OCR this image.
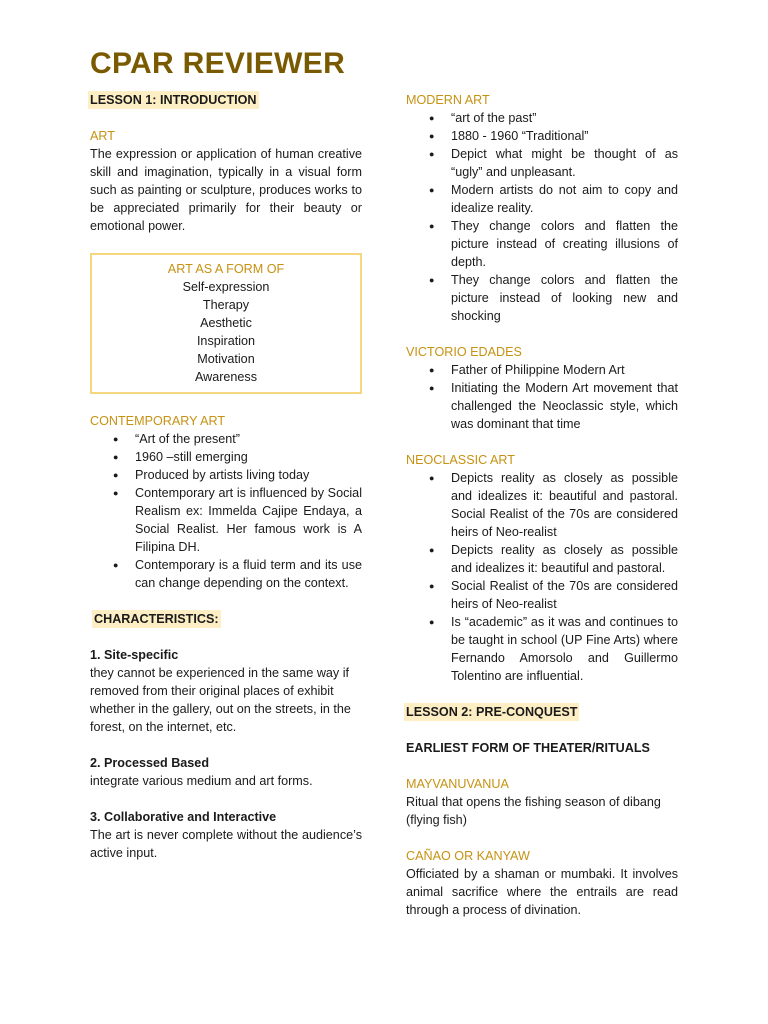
CPAR REVIEWER
LESSON 1: INTRODUCTION
ART

The expression or application of human creative skill and imagination, typically in a visual form such as painting or sculpture, produces works to be appreciated primarily for their beauty or emotional power.

ART AS A FORM OF
Self-expression
Therapy
Aesthetic
Inspiration
Motivation
Awareness
CONTEMPORARY ART
● “Art of the present”
● 1960 –still emerging
● Produced by artists living today
● Contemporary art is influenced by Social Realism ex: Immelda Cajipe Endaya, a Social Realist. Her famous work is A Filipina DH.
● Contemporary is a fluid term and its use can change depending on the context.
CHARACTERISTICS:
1. Site-specific

they cannot be experienced in the same way if removed from their original places of exhibit whether in the gallery, out on the streets, in the forest, on the internet, etc.

2. Processed Based

integrate various medium and art forms.

3. Collaborative and Interactive

The art is never complete without the audience’s active input.

MODERN ART
● “art of the past”
● 1880 - 1960 “Traditional”
● Depict what might be thought of as “ugly” and unpleasant.
● Modern artists do not aim to copy and idealize reality.
● They change colors and flatten the picture instead of creating illusions of depth.
● They change colors and flatten the picture instead of looking new and shocking
VICTORIO EDADES
● Father of Philippine Modern Art
● Initiating the Modern Art movement that challenged the Neoclassic style, which was dominant that time
NEOCLASSIC ART
● Depicts reality as closely as possible and idealizes it: beautiful and pastoral. Social Realist of the 70s are considered heirs of Neo-realist
● Depicts reality as closely as possible and idealizes it: beautiful and pastoral.
● Social Realist of the 70s are considered heirs of Neo-realist
● Is “academic” as it was and continues to be taught in school (UP Fine Arts) where Fernando Amorsolo and Guillermo Tolentino are influential.
LESSON 2: PRE-CONQUEST
EARLIEST FORM OF THEATER/RITUALS
MAYVANUVANUA

Ritual that opens the fishing season of dibang (flying fish)

CAÑAO OR KANYAW

Officiated by a shaman or mumbaki. It involves animal sacrifice where the entrails are read through a process of divination.
